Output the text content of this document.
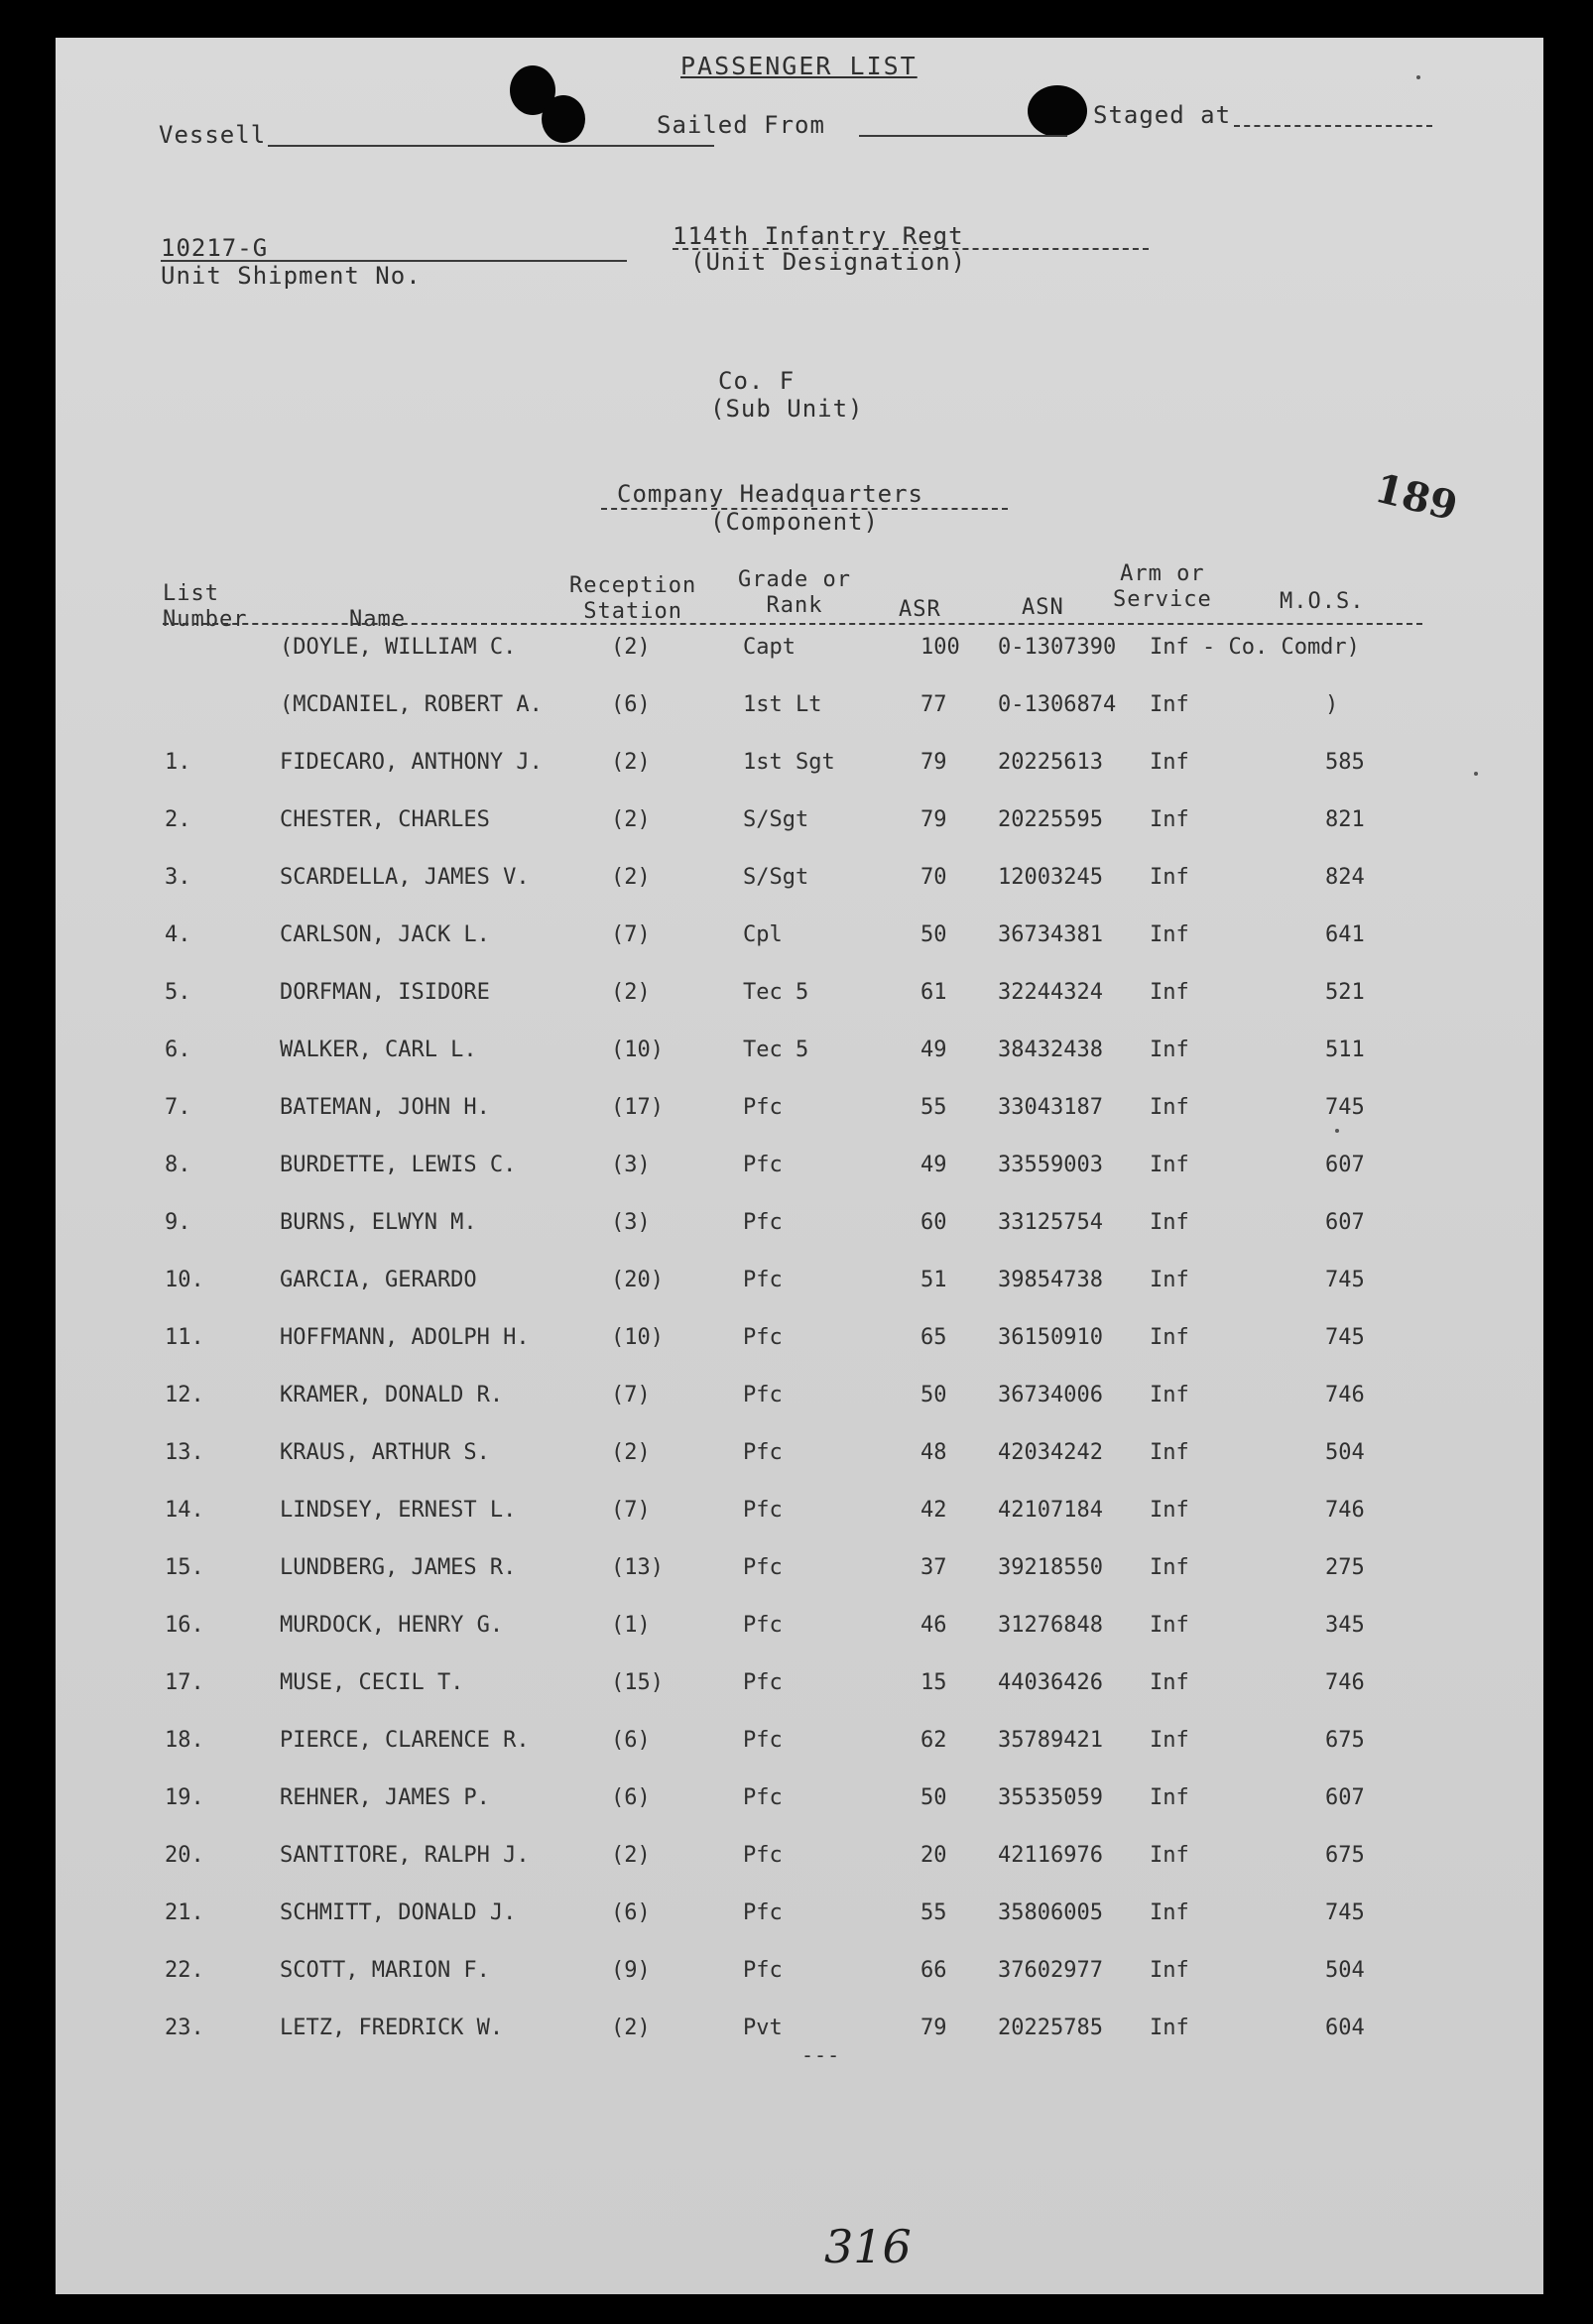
PASSENGER LIST
Vessell	Sailed From	Staged at
10217-G
Unit Shipment No.
114th Infantry Regt
(Unit Designation)
Co. F
(Sub Unit)
Company Headquarters
(Component)	189
List
Number	Name
Reception
Station
Grade or
Rank	ASR	ASN
Arm or
Service	M.O.S.
(DOYLE, WILLIAM C.	(2)	Capt	100 0-1307390 Inf - Co. Comdr)
(MCDANIEL, ROBERT A.	(6)	1st Lt	77 0-1306874 Inf	)
1.	FIDECARO, ANTHONY J.	(2)	1st Sgt	79 20225613 Inf	585
2.	CHESTER, CHARLES	(2)	S/Sgt	79 20225595 Inf	821
3.	SCARDELLA, JAMES V.	(2)	S/Sgt	70 12003245 Inf	824
4.	CARLSON, JACK L.	(7)	Cpl	50 36734381 Inf	641
5.	DORFMAN, ISIDORE	(2)	Tec 5	61 32244324 Inf	521
6.	WALKER, CARL L.	(10)	Tec 5	49 38432438 Inf	511
7.	BATEMAN, JOHN H.	(17)	Pfc	55 33043187 Inf	745
8.	BURDETTE, LEWIS C.	(3)	Pfc	49 33559003 Inf	607
9.	BURNS, ELWYN M.	(3)	Pfc	60 33125754 Inf	607
10.	GARCIA, GERARDO	(20)	Pfc	51 39854738 Inf	745
11.	HOFFMANN, ADOLPH H.	(10)	Pfc	65 36150910 Inf	745
12.	KRAMER, DONALD R.	(7)	Pfc	50 36734006 Inf	746
13.	KRAUS, ARTHUR S.	(2)	Pfc	48 42034242 Inf	504
14.	LINDSEY, ERNEST L.	(7)	Pfc	42 42107184 Inf	746
15.	LUNDBERG, JAMES R.	(13)	Pfc	37 39218550 Inf	275
16.	MURDOCK, HENRY G.	(1)	Pfc	46 31276848 Inf	345
17.	MUSE, CECIL T.	(15)	Pfc	15 44036426 Inf	746
18.	PIERCE, CLARENCE R.	(6)	Pfc	62 35789421 Inf	675
19.	REHNER, JAMES P.	(6)	Pfc	50 35535059 Inf	607
20.	SANTITORE, RALPH J.	(2)	Pfc	20 42116976 Inf	675
21.	SCHMITT, DONALD J.	(6)	Pfc	55 35806005 Inf	745
22.	SCOTT, MARION F.	(9)	Pfc	66 37602977 Inf	504
23.	LETZ, FREDRICK W.	(2)	Pvt	79 20225785 Inf	604
---
316
